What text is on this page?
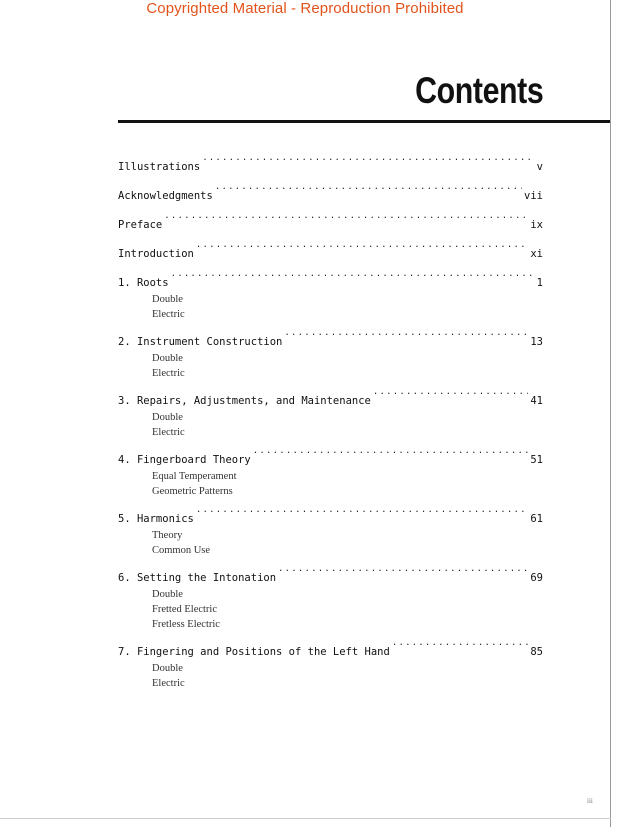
Copyrighted Material - Reproduction Prohibited
Contents
Illustrations .....	v
Acknowledgments .....	vii
Preface .....	ix
Introduction .....	xi
1. Roots .....	1
Double
Electric
2. Instrument Construction .....	13
Double
Electric
3. Repairs, Adjustments, and Maintenance .....	41
Double
Electric
4. Fingerboard Theory .....	51
Equal Temperament
Geometric Patterns
5. Harmonics .....	61
Theory
Common Use
6. Setting the Intonation .....	69
Double
Fretted Electric
Fretless Electric
7. Fingering and Positions of the Left Hand .....	85
Double
Electric
iii
